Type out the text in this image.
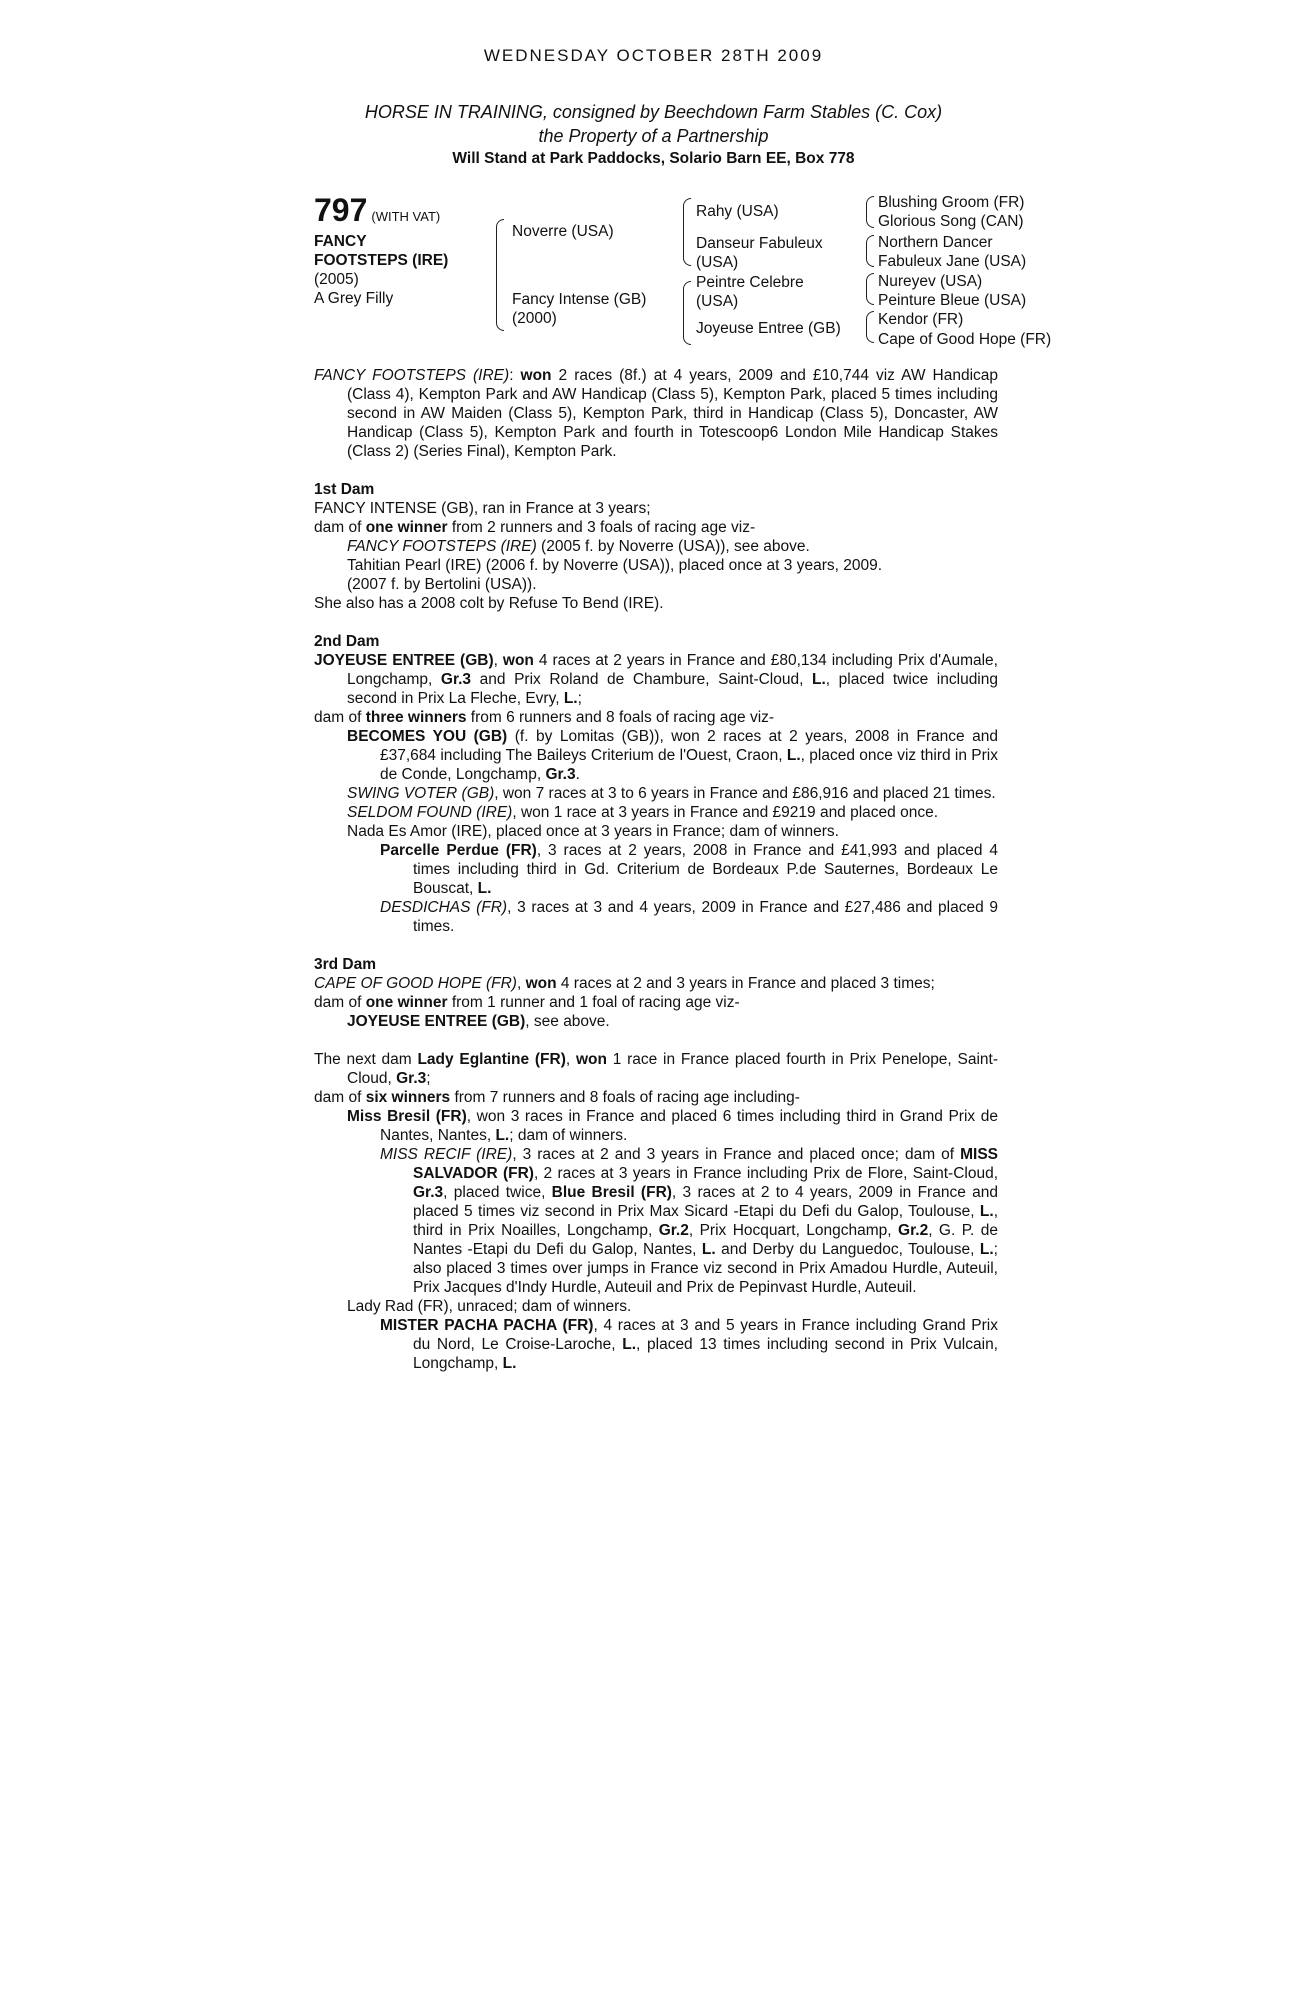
WEDNESDAY OCTOBER 28TH 2009
HORSE IN TRAINING, consigned by Beechdown Farm Stables (C. Cox)
the Property of a Partnership
Will Stand at Park Paddocks, Solario Barn EE, Box 778
797 (WITH VAT)
FANCY
FOOTSTEPS (IRE)
(2005)
A Grey Filly
Noverre (USA)
Fancy Intense (GB)
(2000)
Rahy (USA)
Danseur Fabuleux
(USA)
Peintre Celebre
(USA)
Joyeuse Entree (GB)
Blushing Groom (FR)
Glorious Song (CAN)
Northern Dancer
Fabuleux Jane (USA)
Nureyev (USA)
Peinture Bleue (USA)
Kendor (FR)
Cape of Good Hope (FR)

FANCY FOOTSTEPS (IRE): won 2 races (8f.) at 4 years, 2009 and £10,744 viz AW Handicap (Class 4), Kempton Park and AW Handicap (Class 5), Kempton Park, placed 5 times including second in AW Maiden (Class 5), Kempton Park, third in Handicap (Class 5), Doncaster, AW Handicap (Class 5), Kempton Park and fourth in Totescoop6 London Mile Handicap Stakes (Class 2) (Series Final), Kempton Park.

1st Dam

FANCY INTENSE (GB), ran in France at 3 years;

dam of one winner from 2 runners and 3 foals of racing age viz-

FANCY FOOTSTEPS (IRE) (2005 f. by Noverre (USA)), see above.

Tahitian Pearl (IRE) (2006 f. by Noverre (USA)), placed once at 3 years, 2009.

(2007 f. by Bertolini (USA)).

She also has a 2008 colt by Refuse To Bend (IRE).

2nd Dam

JOYEUSE ENTREE (GB), won 4 races at 2 years in France and £80,134 including Prix d'Aumale, Longchamp, Gr.3 and Prix Roland de Chambure, Saint-Cloud, L., placed twice including second in Prix La Fleche, Evry, L.;

dam of three winners from 6 runners and 8 foals of racing age viz-

BECOMES YOU (GB) (f. by Lomitas (GB)), won 2 races at 2 years, 2008 in France and £37,684 including The Baileys Criterium de l'Ouest, Craon, L., placed once viz third in Prix de Conde, Longchamp, Gr.3.

SWING VOTER (GB), won 7 races at 3 to 6 years in France and £86,916 and placed 21 times.

SELDOM FOUND (IRE), won 1 race at 3 years in France and £9219 and placed once.

Nada Es Amor (IRE), placed once at 3 years in France; dam of winners.

Parcelle Perdue (FR), 3 races at 2 years, 2008 in France and £41,993 and placed 4 times including third in Gd. Criterium de Bordeaux P.de Sauternes, Bordeaux Le Bouscat, L.

DESDICHAS (FR), 3 races at 3 and 4 years, 2009 in France and £27,486 and placed 9 times.

3rd Dam

CAPE OF GOOD HOPE (FR), won 4 races at 2 and 3 years in France and placed 3 times;

dam of one winner from 1 runner and 1 foal of racing age viz-

JOYEUSE ENTREE (GB), see above.

The next dam Lady Eglantine (FR), won 1 race in France placed fourth in Prix Penelope, Saint-Cloud, Gr.3;

dam of six winners from 7 runners and 8 foals of racing age including-

Miss Bresil (FR), won 3 races in France and placed 6 times including third in Grand Prix de Nantes, Nantes, L.; dam of winners.

MISS RECIF (IRE), 3 races at 2 and 3 years in France and placed once; dam of MISS SALVADOR (FR), 2 races at 3 years in France including Prix de Flore, Saint-Cloud, Gr.3, placed twice, Blue Bresil (FR), 3 races at 2 to 4 years, 2009 in France and placed 5 times viz second in Prix Max Sicard -Etapi du Defi du Galop, Toulouse, L., third in Prix Noailles, Longchamp, Gr.2, Prix Hocquart, Longchamp, Gr.2, G. P. de Nantes -Etapi du Defi du Galop, Nantes, L. and Derby du Languedoc, Toulouse, L.; also placed 3 times over jumps in France viz second in Prix Amadou Hurdle, Auteuil, Prix Jacques d'Indy Hurdle, Auteuil and Prix de Pepinvast Hurdle, Auteuil.

Lady Rad (FR), unraced; dam of winners.

MISTER PACHA PACHA (FR), 4 races at 3 and 5 years in France including Grand Prix du Nord, Le Croise-Laroche, L., placed 13 times including second in Prix Vulcain, Longchamp, L.
